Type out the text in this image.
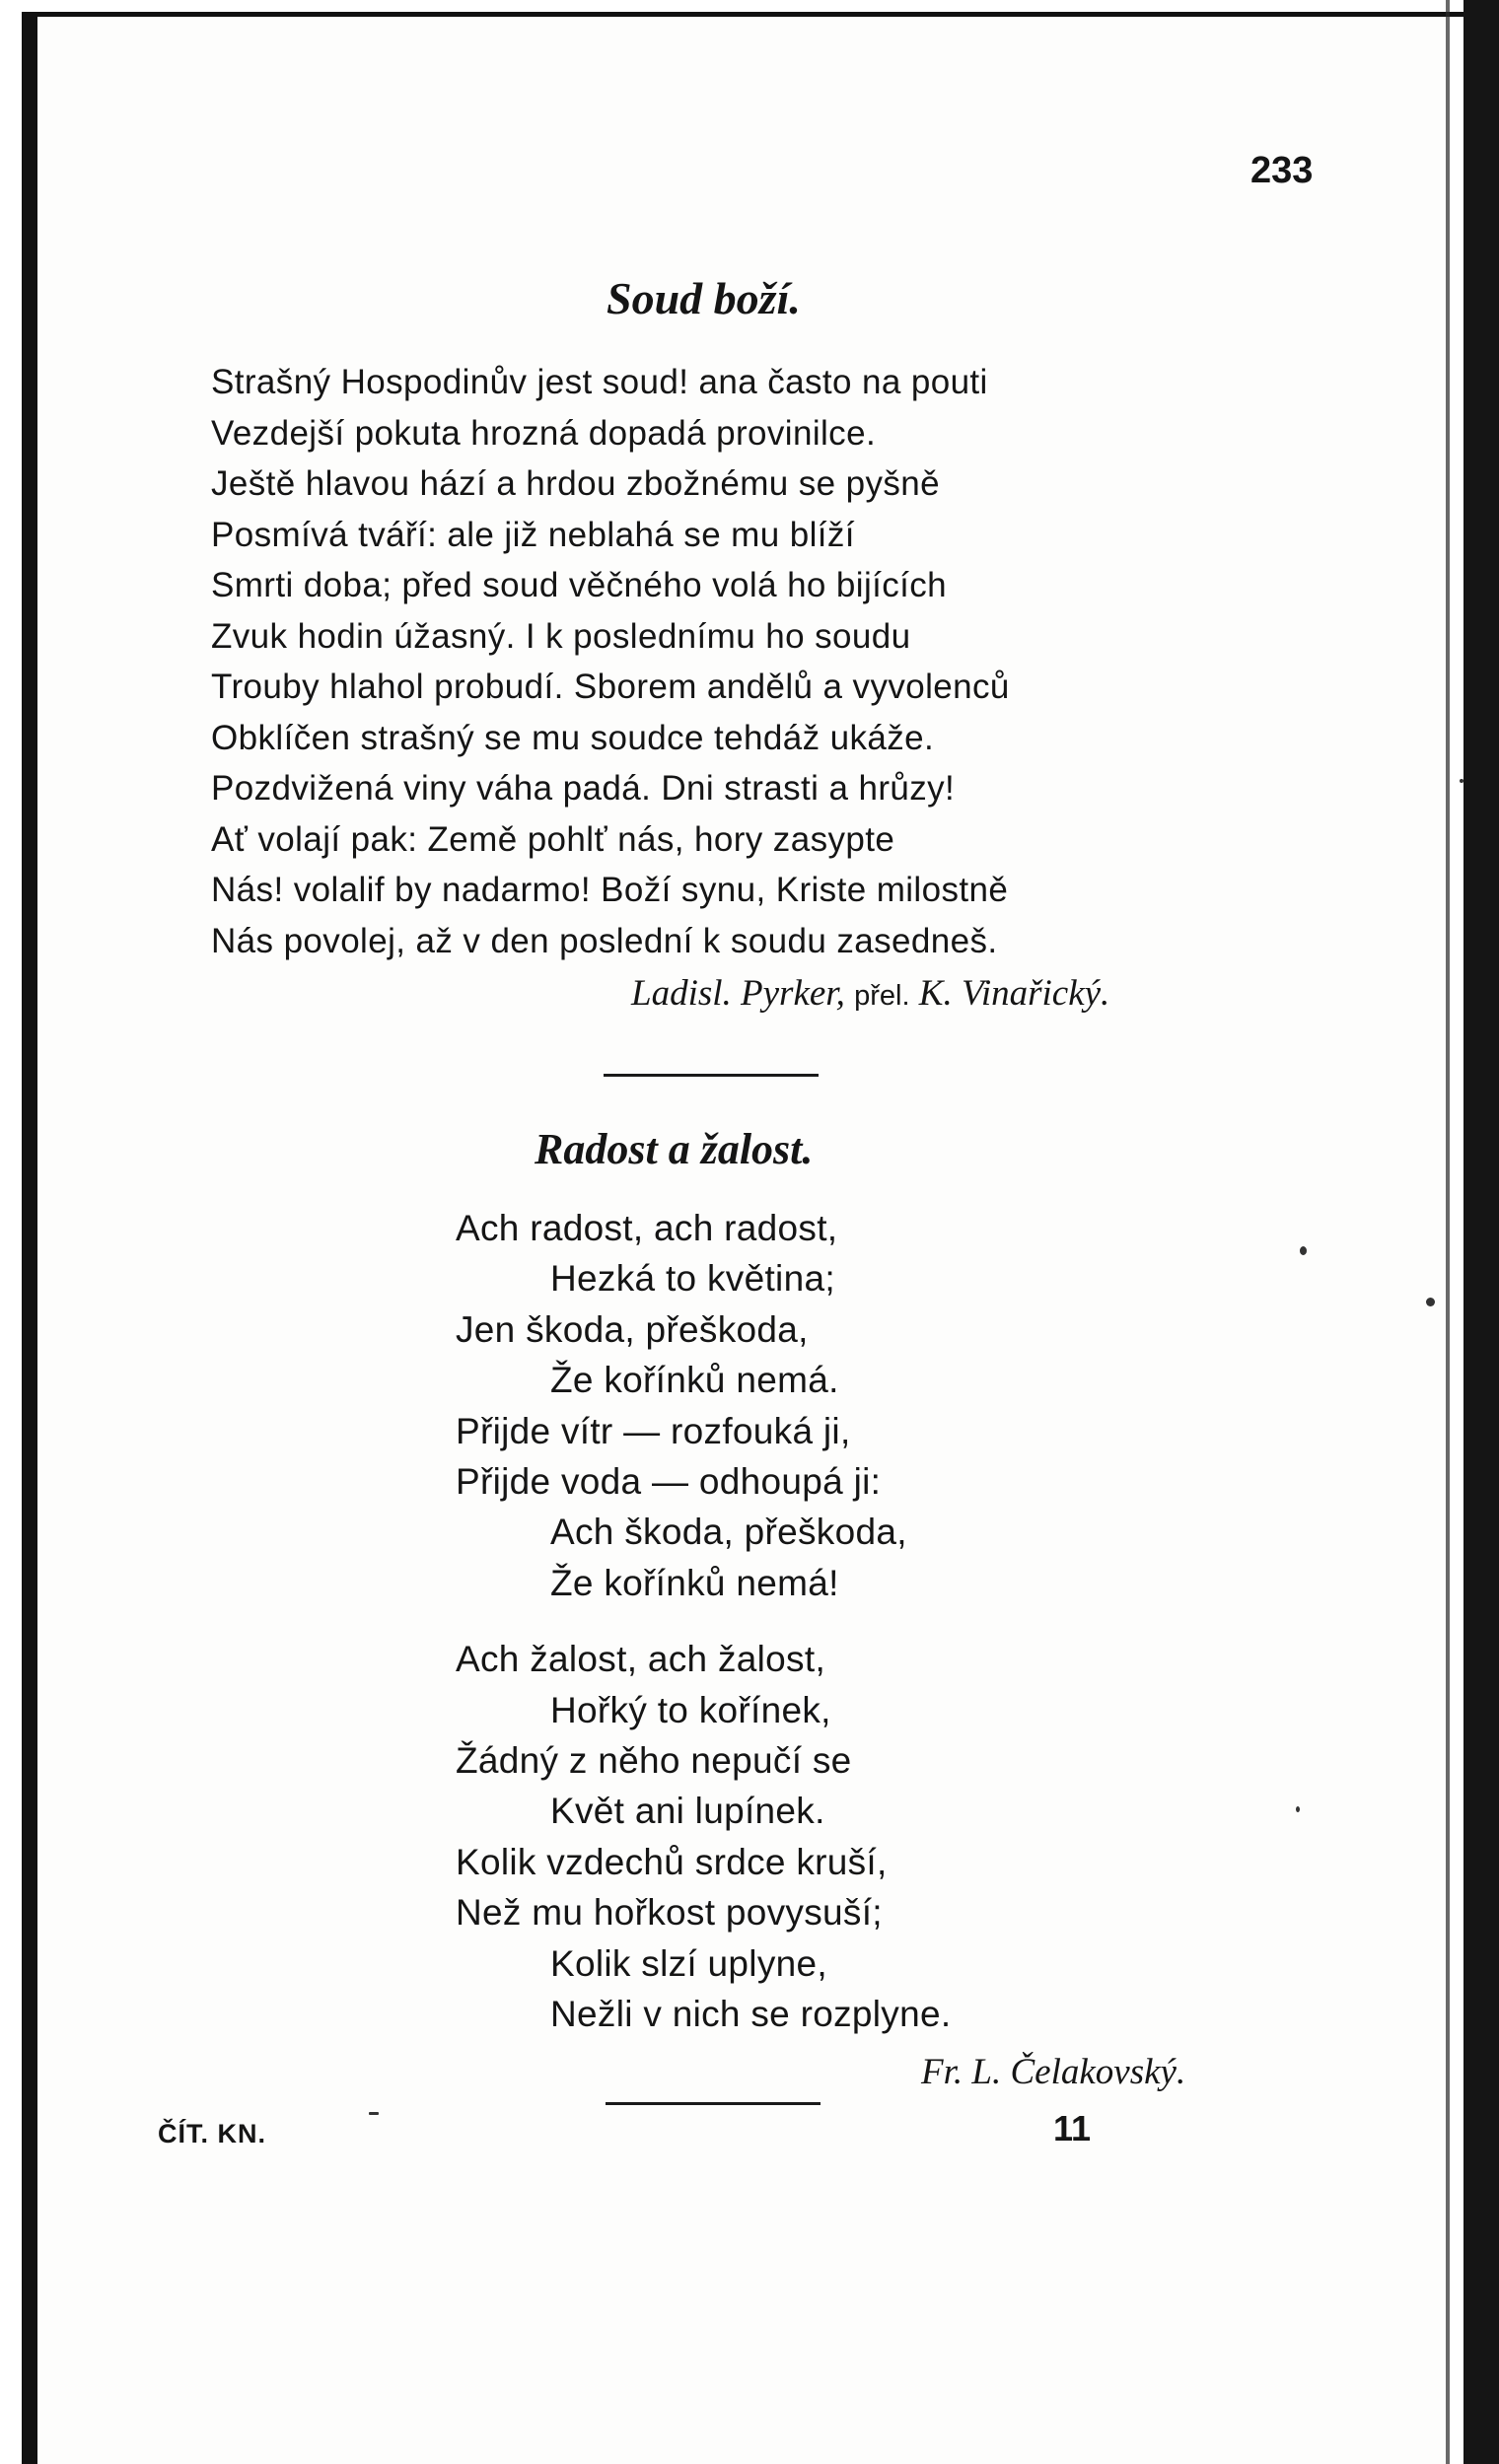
233
Soud boží.
Strašný Hospodinův jest soud! ana často na pouti
Vezdejší pokuta hrozná dopadá provinilce.
Ještě hlavou hází a hrdou zbožnému se pyšně
Posmívá tváří: ale již neblahá se mu blíží
Smrti doba; před soud věčného volá ho bijících
Zvuk hodin úžasný. I k poslednímu ho soudu
Trouby hlahol probudí. Sborem andělů a vyvolenců
Obklíčen strašný se mu soudce tehdáž ukáže.
Pozdvižená viny váha padá. Dni strasti a hrůzy!
Ať volají pak: Země pohlť nás, hory zasypte
Nás! volalif by nadarmo! Boží synu, Kriste milostně
Nás povolej, až v den poslední k soudu zasedneš.
Ladisl. Pyrker, přel. K. Vinařický.
Radost a žalost.
Ach radost, ach radost,
Hezká to květina;
Jen škoda, přeškoda,
Že kořínků nemá.
Přijde vítr — rozfouká ji,
Přijde voda — odhoupá ji:
Ach škoda, přeškoda,
Že kořínků nemá!
Ach žalost, ach žalost,
Hořký to kořínek,
Žádný z něho nepučí se
Květ ani lupínek.
Kolik vzdechů srdce kruší,
Než mu hořkost povysuší;
Kolik slzí uplyne,
Nežli v nich se rozplyne.
Fr. L. Čelakovský.
ČÍT. KN.	11
